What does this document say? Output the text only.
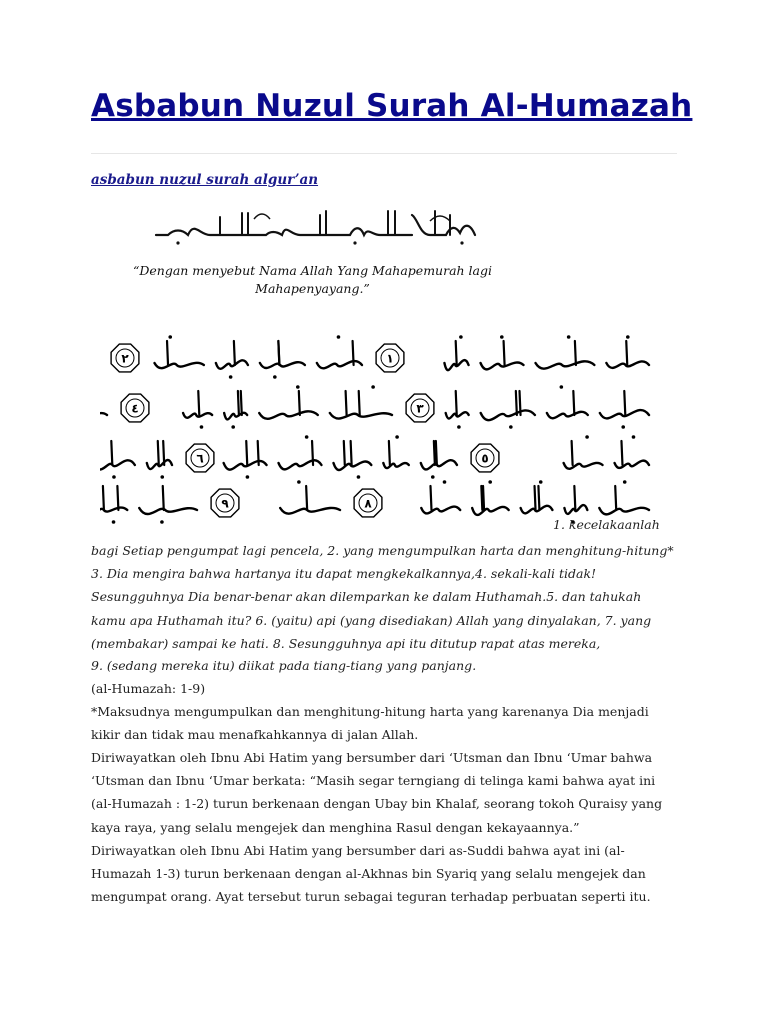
Asbabun Nuzul Surah Al-Humazah
asbabun nuzul surah algur’an
“Dengan menyebut Nama Allah Yang Mahapemurah lagi Mahapenyayang.”
٢	١
٤	٣
٦	٥
٩	٨
1. kecelakaanlah

bagi Setiap pengumpat lagi pencela, 2. yang mengumpulkan harta dan menghitung-hitung* 3. Dia mengira bahwa hartanya itu dapat mengkekalkannya,4. sekali-kali tidak! Sesungguhnya Dia benar-benar akan dilemparkan ke dalam Huthamah.5. dan tahukah kamu apa Huthamah itu? 6. (yaitu) api (yang disediakan) Allah yang dinyalakan, 7. yang (membakar) sampai ke hati. 8. Sesungguhnya api itu ditutup rapat atas mereka,

9. (sedang mereka itu) diikat pada tiang-tiang yang panjang.

(al-Humazah: 1-9)

*Maksudnya mengumpulkan dan menghitung-hitung harta yang karenanya Dia menjadi kikir dan tidak mau menafkahkannya di jalan Allah.

Diriwayatkan oleh Ibnu Abi Hatim yang bersumber dari ‘Utsman dan Ibnu ‘Umar bahwa ‘Utsman dan Ibnu ‘Umar berkata: “Masih segar terngiang di telinga kami bahwa ayat ini (al-Humazah : 1-2) turun berkenaan dengan Ubay bin Khalaf, seorang tokoh Quraisy yang kaya raya, yang selalu mengejek dan menghina Rasul dengan kekayaannya.”

Diriwayatkan oleh Ibnu Abi Hatim yang bersumber dari as-Suddi bahwa ayat ini (al-Humazah 1-3) turun berkenaan dengan al-Akhnas bin Syariq yang selalu mengejek dan mengumpat orang. Ayat tersebut turun sebagai teguran terhadap perbuatan seperti itu.
